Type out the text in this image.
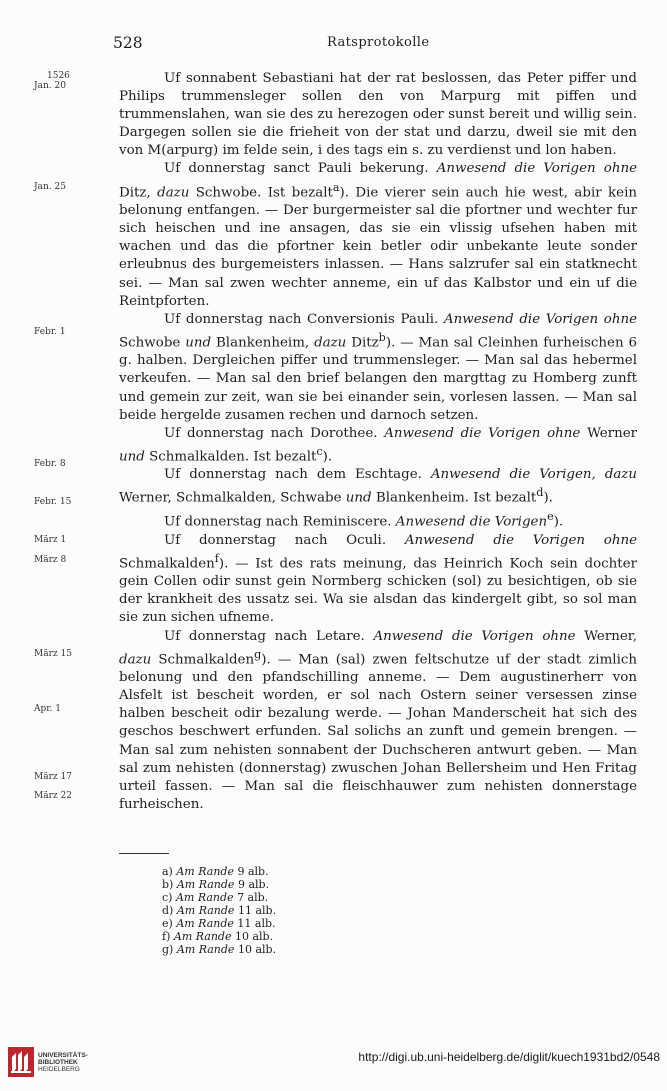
528	Ratsprotokolle
1526
Jan. 20
Jan. 25
Febr. 1
Febr. 8
Febr. 15
März 1
März 8
März 15
Apr. 1
März 17
März 22

Uf sonnabent Sebastiani hat der rat beslossen, das Peter piffer und Philips trummensleger sollen den von Marpurg mit piffen und trummenslahen, wan sie des zu herezogen oder sunst bereit und willig sein. Dargegen sollen sie die frieheit von der stat und darzu, dweil sie mit den von M(arpurg) im felde sein, i des tags ein s. zu verdienst und lon haben.

Uf donnerstag sanct Pauli bekerung. Anwesend die Vorigen ohne Ditz, dazu Schwobe. Ist bezalt$^a$). Die vierer sein auch hie west, abir kein belonung entfangen. — Der burgermeister sal die pfortner und wechter fur sich heischen und ine ansagen, das sie ein vlissig ufsehen haben mit wachen und das die pfortner kein betler odir unbekante leute sonder erleubnus des burgemeisters inlassen. — Hans salzrufer sal ein statknecht sei. — Man sal zwen wechter anneme, ein uf das Kalbstor und ein uf die Reintpforten.

Uf donnerstag nach Conversionis Pauli. Anwesend die Vorigen ohne Schwobe und Blankenheim, dazu Ditz$^b$). — Man sal Cleinhen furheischen 6 g. halben. Dergleichen piffer und trummensleger. — Man sal das hebermel verkeufen. — Man sal den brief belangen den margttag zu Homberg zunft und gemein zur zeit, wan sie bei einander sein, vorlesen lassen. — Man sal beide hergelde zusamen rechen und darnoch setzen.

Uf donnerstag nach Dorothee. Anwesend die Vorigen ohne Werner und Schmalkalden. Ist bezalt$^c$).

Uf donnerstag nach dem Eschtage. Anwesend die Vorigen, dazu Werner, Schmalkalden, Schwabe und Blankenheim. Ist bezalt$^d$).

Uf donnerstag nach Reminiscere. Anwesend die Vorigen$^e$).

Uf donnerstag nach Oculi. Anwesend die Vorigen ohne Schmalkalden$^f$). — Ist des rats meinung, das Heinrich Koch sein dochter gein Collen odir sunst gein Normberg schicken (sol) zu besichtigen, ob sie der krankheit des ussatz sei. Wa sie alsdan das kindergelt gibt, so sol man sie zun sichen ufneme.

Uf donnerstag nach Letare. Anwesend die Vorigen ohne Werner, dazu Schmalkalden$^g$). — Man (sal) zwen feltschutze uf der stadt zimlich belonung und den pfandschilling anneme. — Dem augustinerherr von Alsfelt ist bescheit worden, er sol nach Ostern seiner versessen zinse halben bescheit odir bezalung werde. — Johan Manderscheit hat sich des geschos beschwert erfunden. Sal solichs an zunft und gemein brengen. — Man sal zum nehisten sonnabent der Duchscheren antwurt geben. — Man sal zum nehisten (donnerstag) zwuschen Johan Bellersheim und Hen Fritag urteil fassen. — Man sal die fleischhauwer zum nehisten donnerstage furheischen.

a) Am Rande 9 alb.
b) Am Rande 9 alb.
c) Am Rande 7 alb.
d) Am Rande 11 alb.
e) Am Rande 11 alb.
f) Am Rande 10 alb.
g) Am Rande 10 alb.
UNIVERSITÄTS-
BIBLIOTHEK
HEIDELBERG
http://digi.ub.uni-heidelberg.de/diglit/kuech1931bd2/0548
